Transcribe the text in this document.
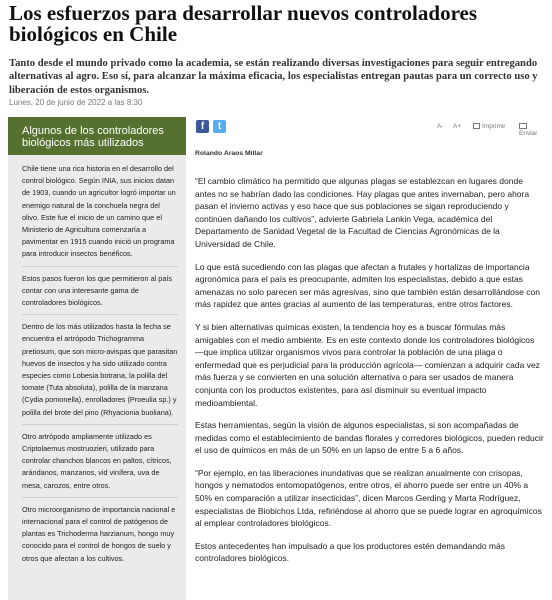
Los esfuerzos para desarrollar nuevos controladores biológicos en Chile

Tanto desde el mundo privado como la academia, se están realizando diversas investigaciones para seguir entregando alternativas al agro. Eso sí, para alcanzar la máxima eficacia, los especialistas entregan pautas para un correcto uso y liberación de estos organismos.

Lunes, 20 de junio de 2022 a las 8:30
Algunos de los controladores biológicos más utilizados

Chile tiene una rica historia en el desarrollo del control biológico. Según INIA, sus inicios datan de 1903, cuando un agricultor logró importar un enemigo natural de la conchuela negra del olivo. Este fue el inicio de un camino que el Ministerio de Agricultura comenzaría a pavimentar en 1915 cuando inició un programa para introducir insectos benéficos.

Estos pasos fueron los que permitieron al país contar con una interesante gama de controladores biológicos.

Dentro de los más utilizados hasta la fecha se encuentra el artrópodo Trichogramma pretiosum, que son micro-avispas que parasitan huevos de insectos y ha sido utilizado contra especies como Lobesia botrana, la polilla del tomate (Tuta absoluta), polilla de la manzana (Cydia pomonella), enrolladores (Proeulia sp.) y polilla del brote del pino (Rhyacionia buoliana).

Otro artrópodo ampliamente utilizado es Criptolaemus mostruozieri, utilizado para controlar chanchos blancos en paltos, cítricos, arándanos, manzanos, vid vinífera, uva de mesa, carozos, entre otros.

Otro microorganismo de importancia nacional e internacional para el control de patógenos de plantas es Trichoderma harzianum, hongo muy conocido para el control de hongos de suelo y otros que afectan a los cultivos.

f	t	A- A+	Imprimir
Enviar
Rolando Araos Millar

“El cambio climático ha permitido que algunas plagas se establezcan en lugares donde antes no se habrían dado las condiciones. Hay plagas que antes invernaban, pero ahora pasan el invierno activas y eso hace que sus poblaciones se sigan reproduciendo y continúen dañando los cultivos”, advierte Gabriela Lankin Vega, académica del Departamento de Sanidad Vegetal de la Facultad de Ciencias Agronómicas de la Universidad de Chile.

Lo que está sucediendo con las plagas que afectan a frutales y hortalizas de importancia agronómica para el país es preocupante, admiten los especialistas, debido a que estas amenazas no solo parecen ser más agresivas, sino que también están desarrollándose con más rapidez que antes gracias al aumento de las temperaturas, entre otros factores.

Y si bien alternativas químicas existen, la tendencia hoy es a buscar fórmulas más amigables con el medio ambiente. Es en este contexto donde los controladores biológicos —que implica utilizar organismos vivos para controlar la población de una plaga o enfermedad que es perjudicial para la producción agrícola— comienzan a adquirir cada vez más fuerza y se convierten en una solución alternativa o para ser usados de manera conjunta con los productos existentes, para así disminuir su eventual impacto medioambiental.

Estas herramientas, según la visión de algunos especialistas, si son acompañadas de medidas como el establecimiento de bandas florales y corredores biológicos, pueden reducir el uso de químicos en más de un 50% en un lapso de entre 5 a 6 años.

“Por ejemplo, en las liberaciones inundativas que se realizan anualmente con crisopas, hongos y nematodos entomopatógenos, entre otros, el ahorro puede ser entre un 40% a 50% en comparación a utilizar insecticidas”, dicen Marcos Gerding y Marta Rodríguez, especialistas de Biobichos Ltda, refiriéndose al ahorro que se puede lograr en agroquímicos al emplear controladores biológicos.

Estos antecedentes han impulsado a que los productores estén demandando más controladores biológicos.
